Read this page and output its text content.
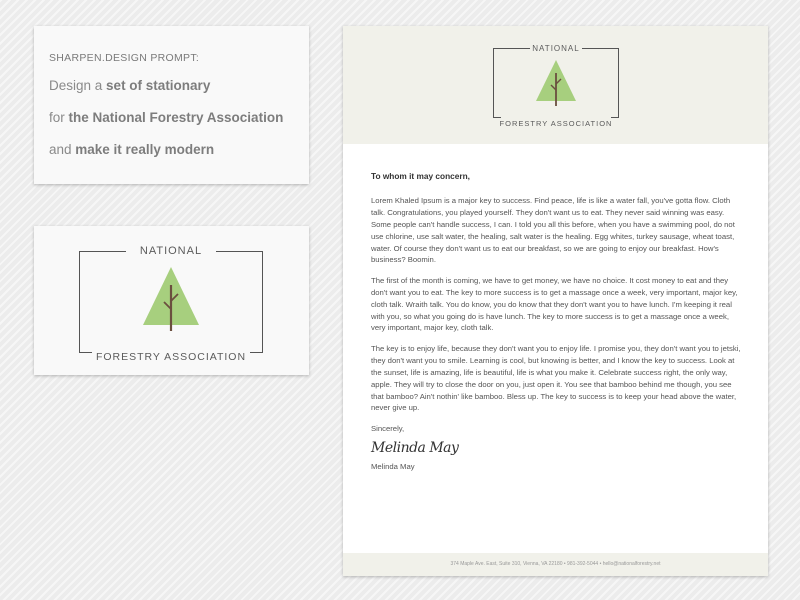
SHARPEN.DESIGN PROMPT:
Design a set of stationary
for the National Forestry Association
and make it really modern
NATIONAL
FORESTRY ASSOCIATION
NATIONAL
FORESTRY ASSOCIATION
To whom it may concern,

Lorem Khaled Ipsum is a major key to success. Find peace, life is like a water fall, you've gotta flow. Cloth talk. Congratulations, you played yourself. They don't want us to eat. They never said winning was easy. Some people can't handle success, I can. I told you all this before, when you have a swimming pool, do not use chlorine, use salt water, the healing, salt water is the healing. Egg whites, turkey sausage, wheat toast, water. Of course they don't want us to eat our breakfast, so we are going to enjoy our breakfast. How's business? Boomin.

The first of the month is coming, we have to get money, we have no choice. It cost money to eat and they don't want you to eat. The key to more success is to get a massage once a week, very important, major key, cloth talk. Wraith talk. You do know, you do know that they don't want you to have lunch. I'm keeping it real with you, so what you going do is have lunch. The key to more success is to get a massage once a week, very important, major key, cloth talk.

The key is to enjoy life, because they don't want you to enjoy life. I promise you, they don't want you to jetski, they don't want you to smile. Learning is cool, but knowing is better, and I know the key to success. Look at the sunset, life is amazing, life is beautiful, life is what you make it. Celebrate success right, the only way, apple. They will try to close the door on you, just open it. You see that bamboo behind me though, you see that bamboo? Ain't nothin' like bamboo. Bless up. The key to success is to keep your head above the water, never give up.

Sincerely,
Melinda May
Melinda May
374 Maple Ave. East, Suite 310, Vienna, VA 22180 • 981-392-5044 • hello@nationalforestry.net
